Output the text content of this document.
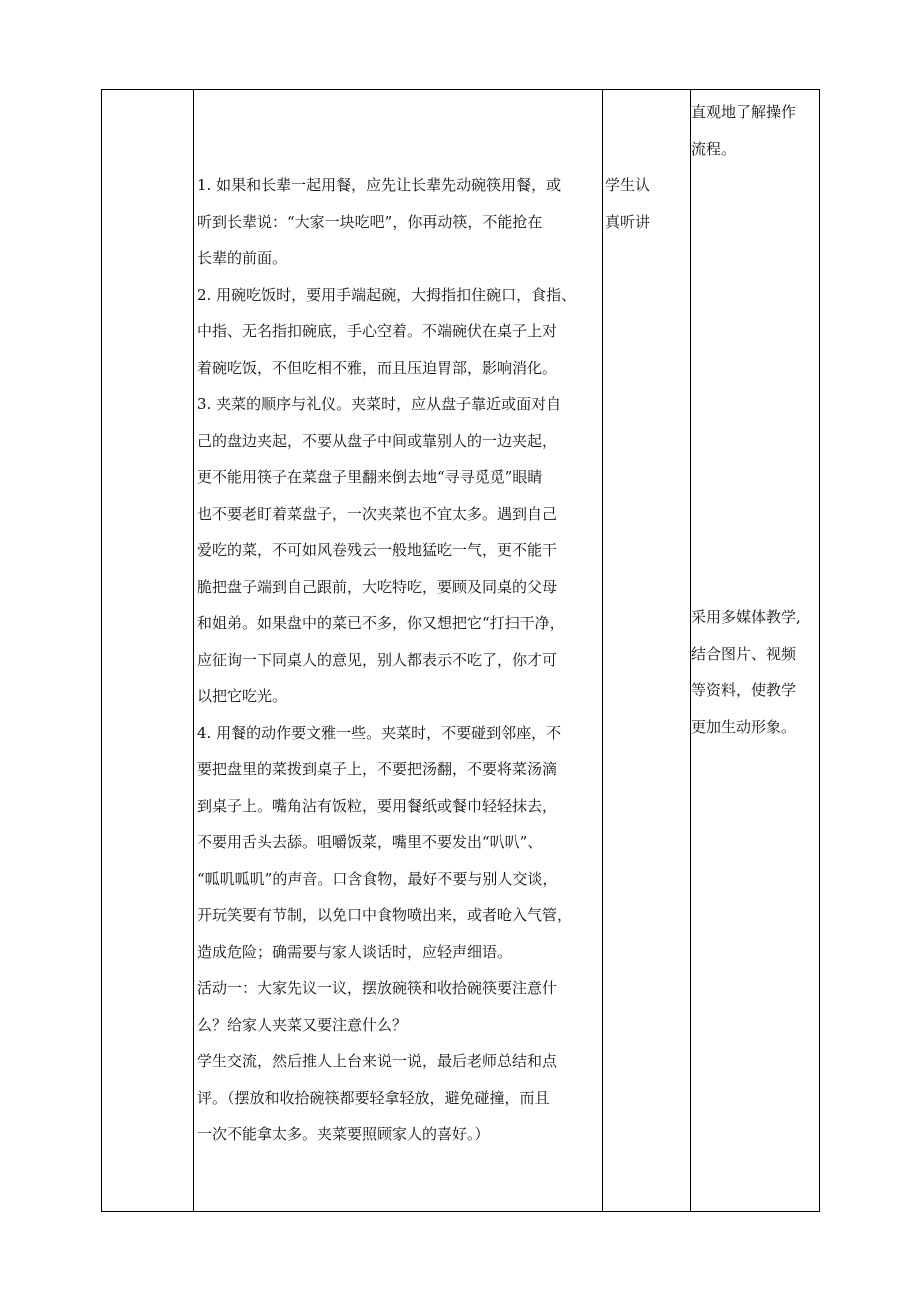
1. 如果和长辈一起用餐，应先让长辈先动碗筷用餐，或
听到长辈说：“大家一块吃吧”，你再动筷，不能抢在
长辈的前面。
2. 用碗吃饭时，要用手端起碗，大拇指扣住碗口，食指、
中指、无名指扣碗底，手心空着。不端碗伏在桌子上对
着碗吃饭，不但吃相不雅，而且压迫胃部，影响消化。
3. 夹菜的顺序与礼仪。夹菜时，应从盘子靠近或面对自
己的盘边夹起，不要从盘子中间或靠别人的一边夹起，
更不能用筷子在菜盘子里翻来倒去地“寻寻觅觅”眼睛
也不要老盯着菜盘子，一次夹菜也不宜太多。遇到自己
爱吃的菜，不可如风卷残云一般地猛吃一气，更不能干
脆把盘子端到自己跟前，大吃特吃，要顾及同桌的父母
和姐弟。如果盘中的菜已不多，你又想把它“打扫干净，
应征询一下同桌人的意见，别人都表示不吃了，你才可
以把它吃光。
4. 用餐的动作要文雅一些。夹菜时，不要碰到邻座，不
要把盘里的菜拨到桌子上，不要把汤翻，不要将菜汤滴
到桌子上。嘴角沾有饭粒，要用餐纸或餐巾轻轻抹去，
不要用舌头去舔。咀嚼饭菜，嘴里不要发出“叭叭”、
“呱叽呱叽”的声音。口含食物，最好不要与别人交谈，
开玩笑要有节制，以免口中食物喷出来，或者呛入气管，
造成危险；确需要与家人谈话时，应轻声细语。
活动一：大家先议一议，摆放碗筷和收拾碗筷要注意什
么？给家人夹菜又要注意什么？
学生交流，然后推人上台来说一说，最后老师总结和点
评。（摆放和收拾碗筷都要轻拿轻放，避免碰撞，而且
一次不能拿太多。夹菜要照顾家人的喜好。）
学生认
真听讲
直观地了解操作
流程。
采用多媒体教学,
结合图片、视频
等资料，使教学
更加生动形象。
